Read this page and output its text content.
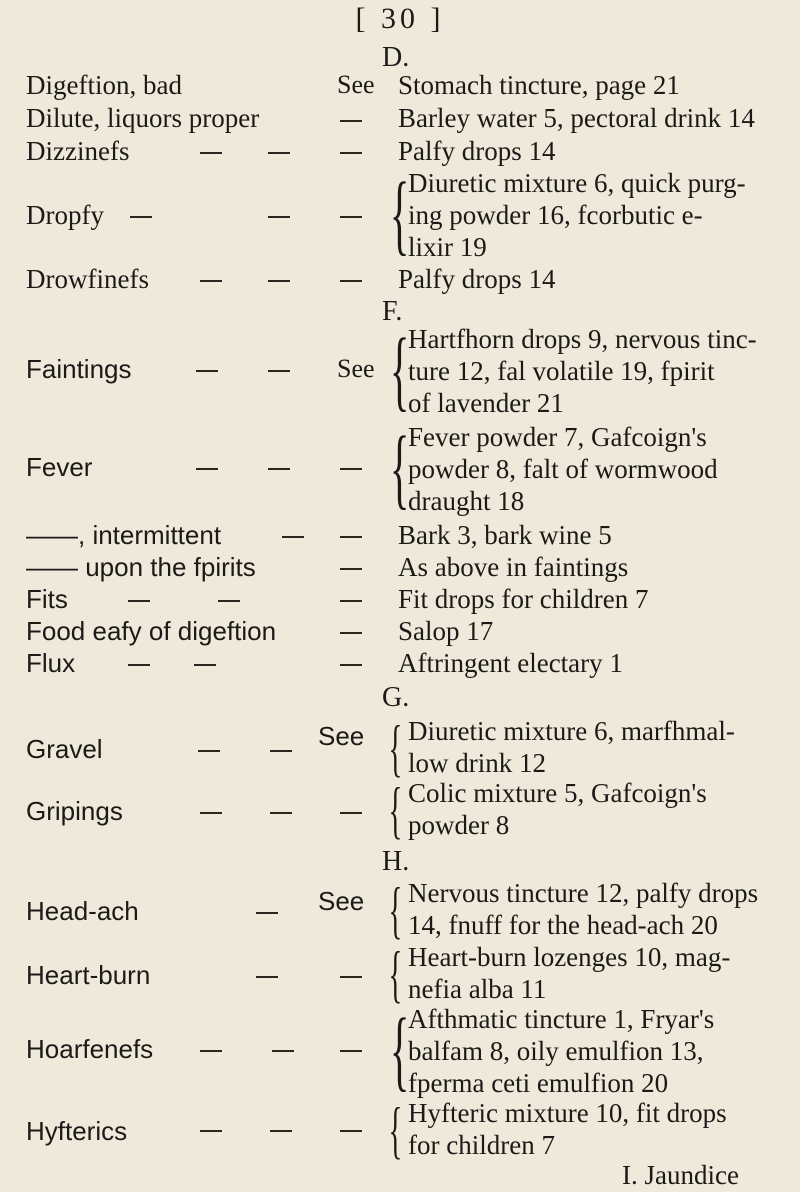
[ 30 ]
D.
Digeftion, bad	See Stomach tincture, page 21
Dilute, liquors proper	Barley water 5, pectoral drink 14
Dizzinefs	Palfy drops 14
Dropfy	{
Diuretic mixture 6, quick purg-
ing powder 16, fcorbutic e-
lixir 19
Drowfinefs	Palfy drops 14
F.
Faintings	See {
Hartfhorn drops 9, nervous tinc-
ture 12, fal volatile 19, fpirit
of lavender 21
Fever	{
Fever powder 7, Gafcoign's
powder 8, falt of wormwood
draught 18
——, intermittent	Bark 3, bark wine 5
—— upon the fpirits	As above in faintings
Fits	Fit drops for children 7
Food eafy of digeftion	Salop 17
Flux	Aftringent electary 1
G.
Gravel	See { Diuretic mixture 6, marfhmal-
low drink 12
Gripings	{ Colic mixture 5, Gafcoign's
powder 8
H.
Head-ach	See { Nervous tincture 12, palfy drops
14, fnuff for the head-ach 20
Heart-burn	{ Heart-burn lozenges 10, mag-
nefia alba 11
Hoarfenefs	{
Afthmatic tincture 1, Fryar's
balfam 8, oily emulfion 13,
fperma ceti emulfion 20
Hyfterics	{ Hyfteric mixture 10, fit drops
for children 7
I. Jaundice
